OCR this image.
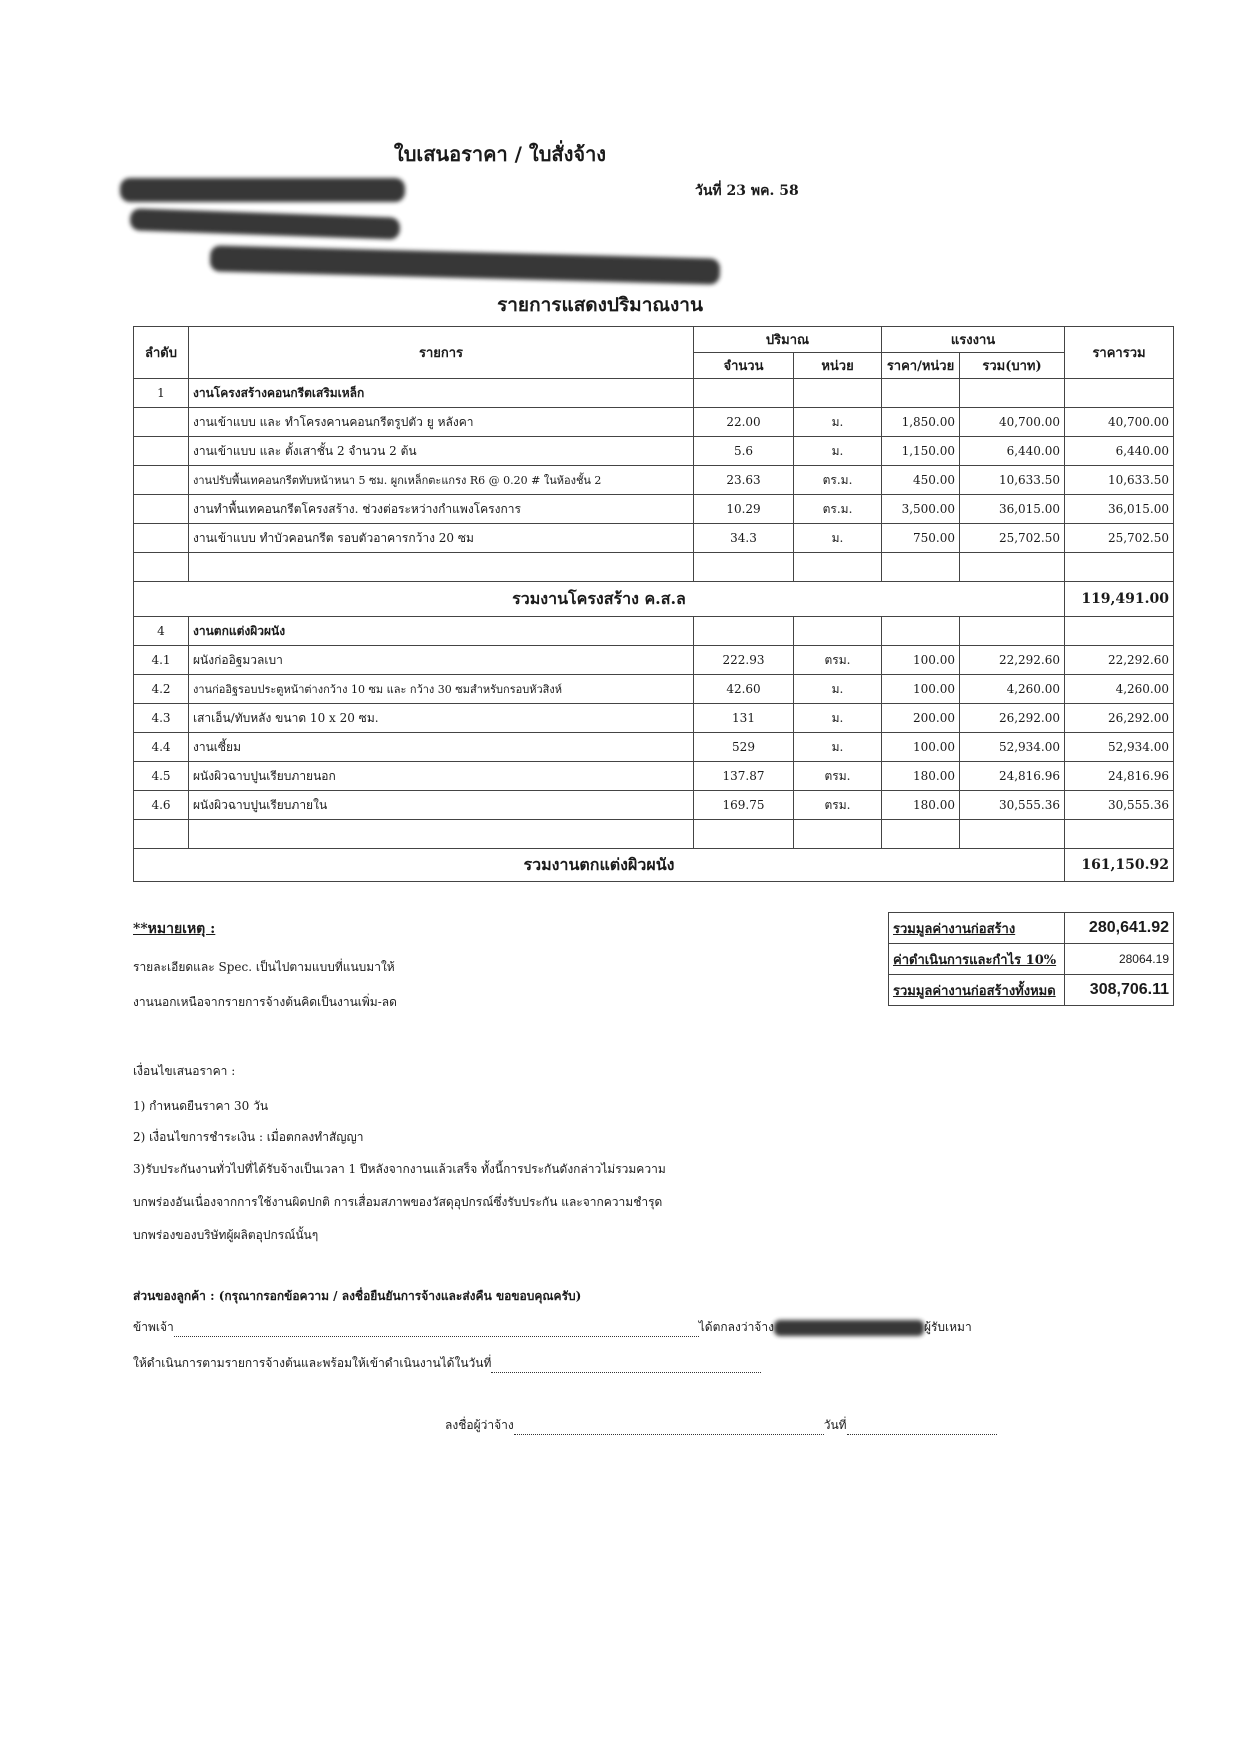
ใบเสนอราคา / ใบสั่งจ้าง
วันที่ 23 พค. 58
รายการแสดงปริมาณงาน
ลำดับ	รายการ	ปริมาณ		แรงงาน		ราคารวม
		จำนวน	หน่วย	ราคา/หน่วย	รวม(บาท)	
1	งานโครงสร้างคอนกรีตเสริมเหล็ก					
	งานเข้าแบบ และ ทำโครงคานคอนกรีตรูปตัว ยู หลังคา	22.00	ม.	1,850.00	40,700.00	40,700.00
	งานเข้าแบบ และ ตั้งเสาชั้น 2 จำนวน 2 ต้น	5.6	ม.	1,150.00	6,440.00	6,440.00
	งานปรับพื้นเทคอนกรีตทับหน้าหนา 5 ซม. ผูกเหล็กตะแกรง R6 @ 0.20 # ในห้องชั้น 2	23.63	ตร.ม.	450.00	10,633.50	10,633.50
	งานทำพื้นเทคอนกรีตโครงสร้าง. ช่วงต่อระหว่างกำแพงโครงการ	10.29	ตร.ม.	3,500.00	36,015.00	36,015.00
	งานเข้าแบบ ทำบัวคอนกรีต รอบตัวอาคารกว้าง 20 ซม	34.3	ม.	750.00	25,702.50	25,702.50

รวมงานโครงสร้าง ค.ส.ล						119,491.00
4	งานตกแต่งผิวผนัง					
4.1	ผนังก่ออิฐมวลเบา	222.93	ตรม.	100.00	22,292.60	22,292.60
4.2	งานก่ออิฐรอบประตูหน้าต่างกว้าง 10 ซม และ กว้าง 30 ซมสำหรับกรอบหัวสิงห์	42.60	ม.	100.00	4,260.00	4,260.00
4.3	เสาเอ็น/ทับหลัง ขนาด 10 x 20 ซม.	131	ม.	200.00	26,292.00	26,292.00
4.4	งานเซี้ยม	529	ม.	100.00	52,934.00	52,934.00
4.5	ผนังผิวฉาบปูนเรียบภายนอก	137.87	ตรม.	180.00	24,816.96	24,816.96
4.6	ผนังผิวฉาบปูนเรียบภายใน	169.75	ตรม.	180.00	30,555.36	30,555.36

รวมงานตกแต่งผิวผนัง						161,150.92
**หมายเหตุ :
รายละเอียดและ Spec. เป็นไปตามแบบที่แนบมาให้
งานนอกเหนือจากรายการจ้างต้นคิดเป็นงานเพิ่ม-ลด
รวมมูลค่างานก่อสร้าง	280,641.92
ค่าดำเนินการและกำไร 10%	28064.19
รวมมูลค่างานก่อสร้างทั้งหมด	308,706.11
เงื่อนไขเสนอราคา :
1) กำหนดยืนราคา 30 วัน
2) เงื่อนไขการชำระเงิน : เมื่อตกลงทำสัญญา
3)รับประกันงานทั่วไปที่ได้รับจ้างเป็นเวลา 1 ปีหลังจากงานแล้วเสร็จ ทั้งนี้การประกันดังกล่าวไม่รวมความ
บกพร่องอันเนื่องจากการใช้งานผิดปกติ การเสื่อมสภาพของวัสดุอุปกรณ์ซึ่งรับประกัน และจากความชำรุด
บกพร่องของบริษัทผู้ผลิตอุปกรณ์นั้นๆ
ส่วนของลูกค้า : (กรุณากรอกข้อความ / ลงชื่อยืนยันการจ้างและส่งคืน ขอขอบคุณครับ)
ข้าพเจ้า	ได้ตกลงว่าจ้าง	ผู้รับเหมา
ให้ดำเนินการตามรายการจ้างต้นและพร้อมให้เข้าดำเนินงานได้ในวันที่
ลงชื่อผู้ว่าจ้าง	วันที่
